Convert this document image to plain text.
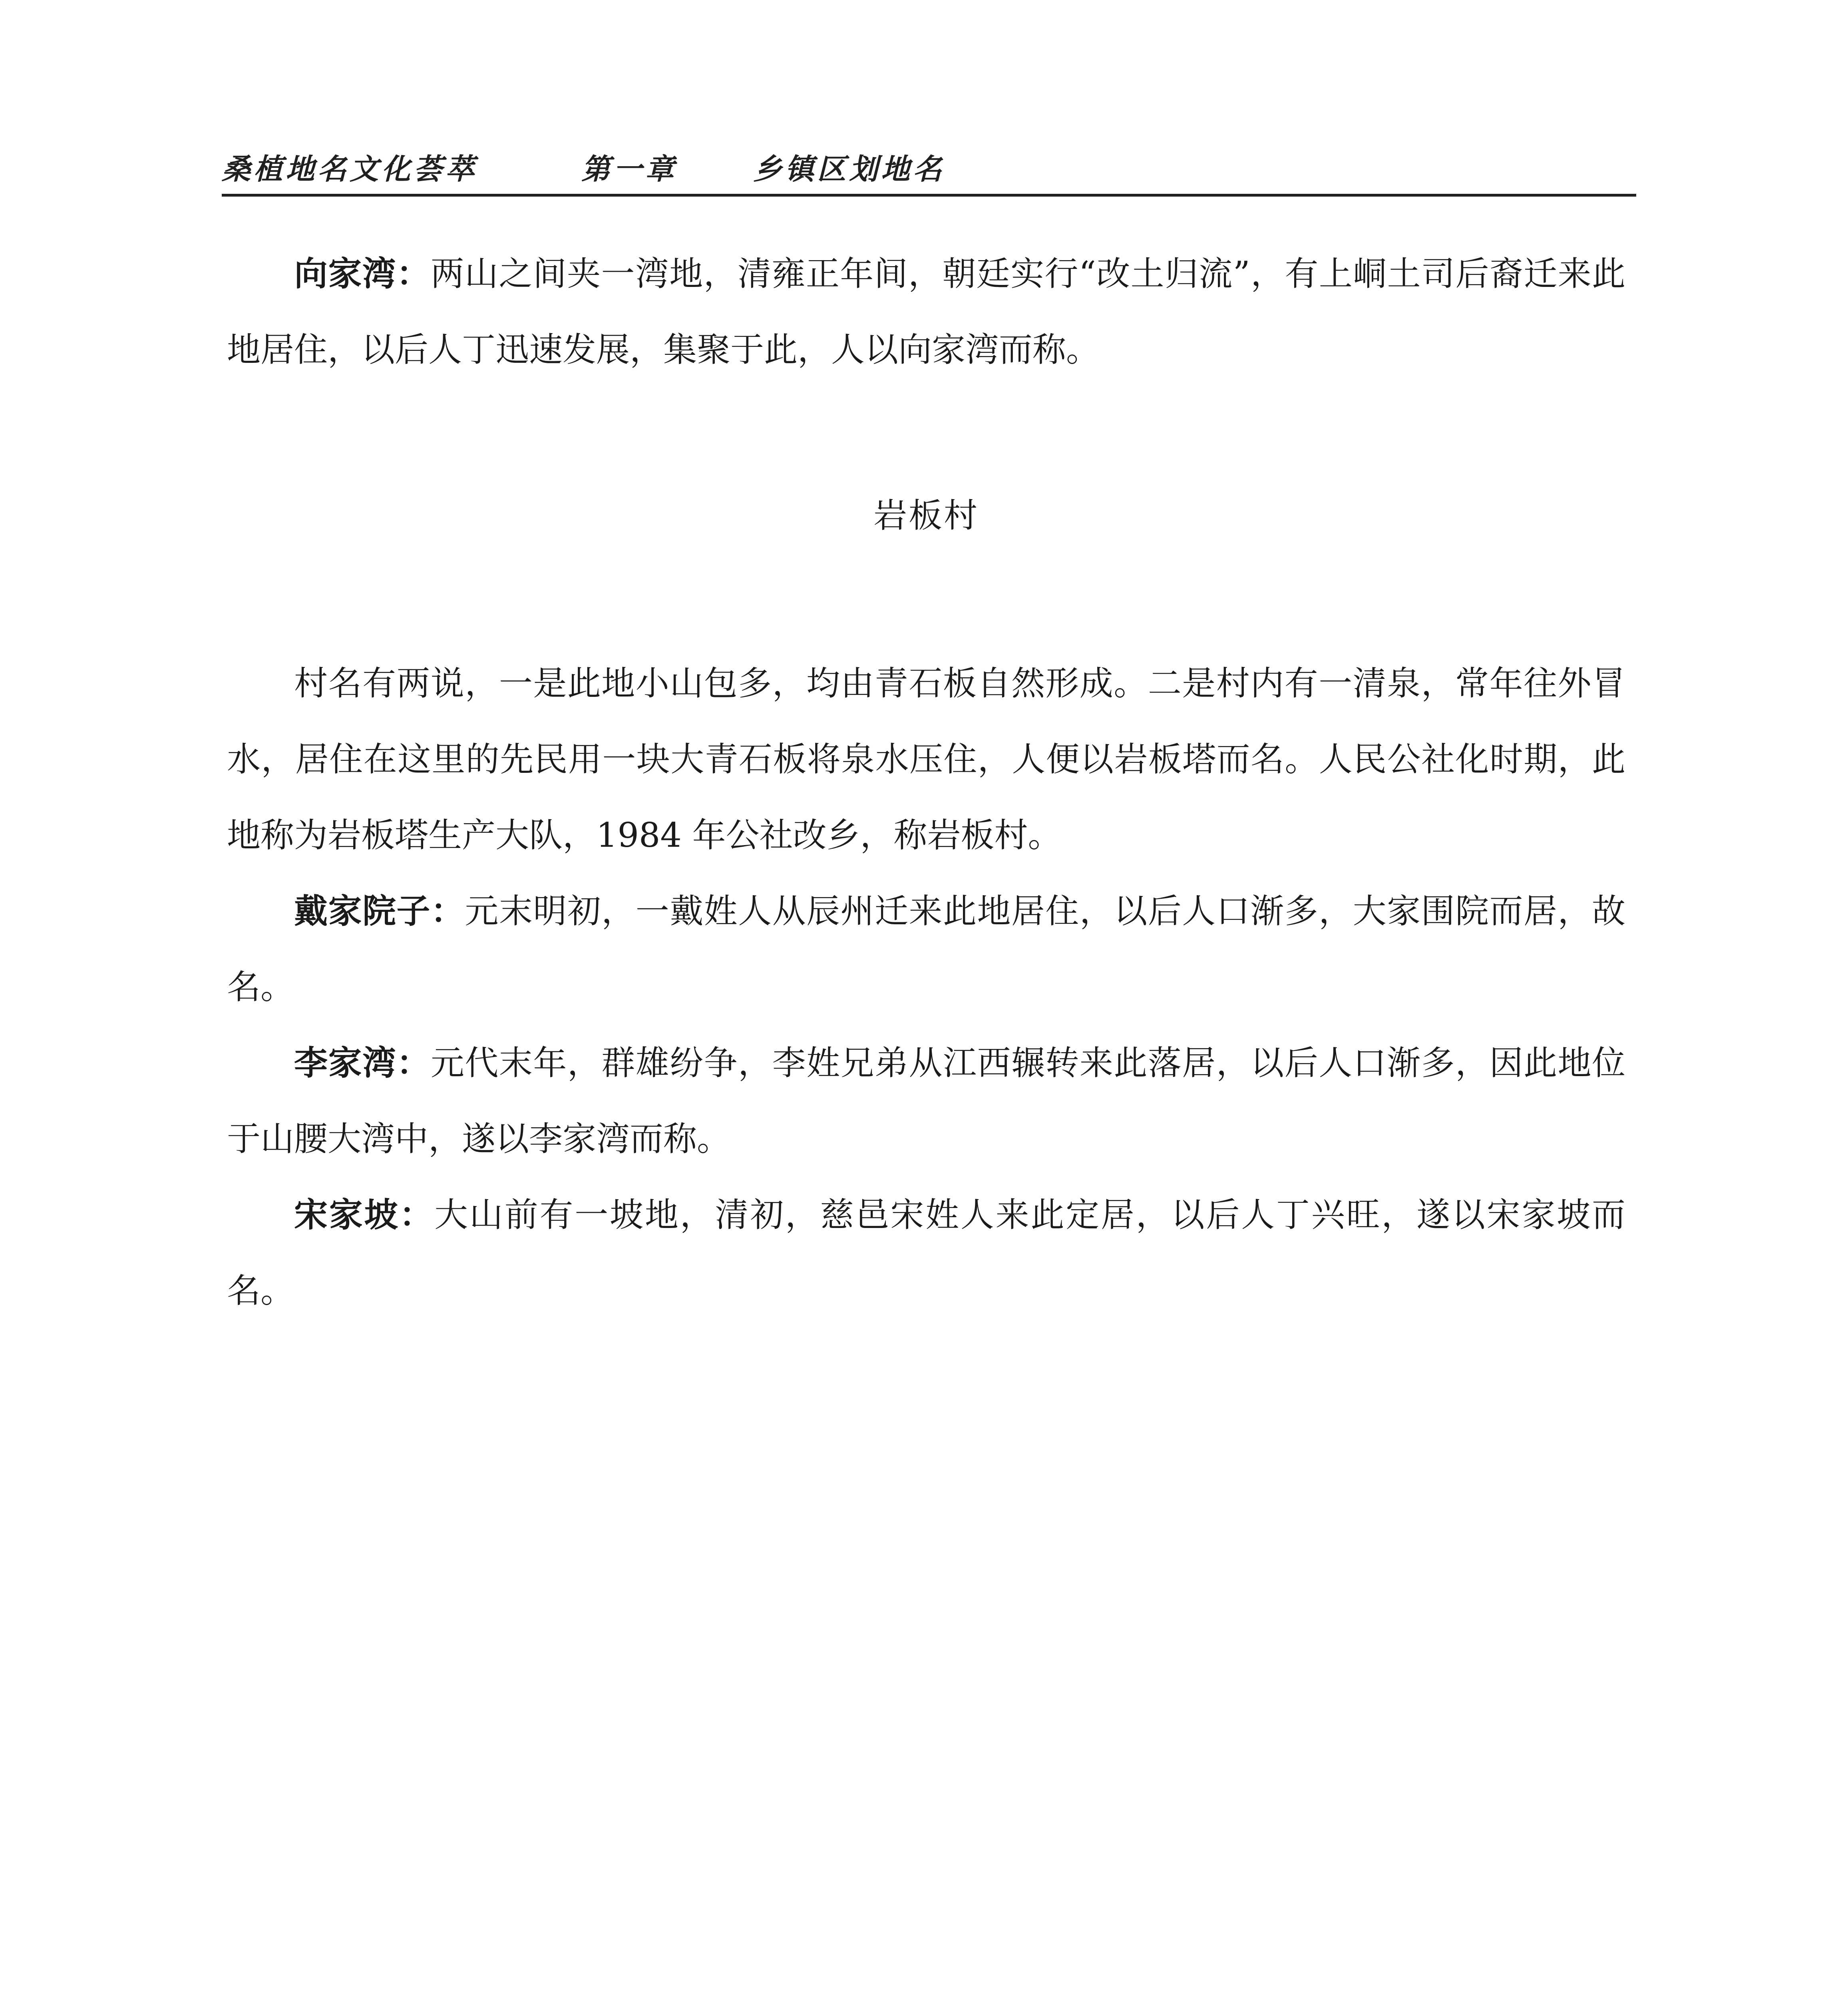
桑植地名文化荟萃	第一章	乡镇区划地名

向家湾：两山之间夹一湾地，清雍正年间，朝廷实行“改土归流”，有上峒土司后裔迁来此地居住，以后人丁迅速发展，集聚于此，人以向家湾而称。

岩板村

村名有两说，一是此地小山包多，均由青石板自然形成。二是村内有一清泉，常年往外冒水，居住在这里的先民用一块大青石板将泉水压住，人便以岩板塔而名。人民公社化时期，此地称为岩板塔生产大队，1984 年公社改乡，称岩板村。

戴家院子：元末明初，一戴姓人从辰州迁来此地居住，以后人口渐多，大家围院而居，故名。

李家湾：元代末年，群雄纷争，李姓兄弟从江西辗转来此落居，以后人口渐多，因此地位于山腰大湾中，遂以李家湾而称。

宋家坡：大山前有一坡地，清初，慈邑宋姓人来此定居，以后人丁兴旺，遂以宋家坡而名。
